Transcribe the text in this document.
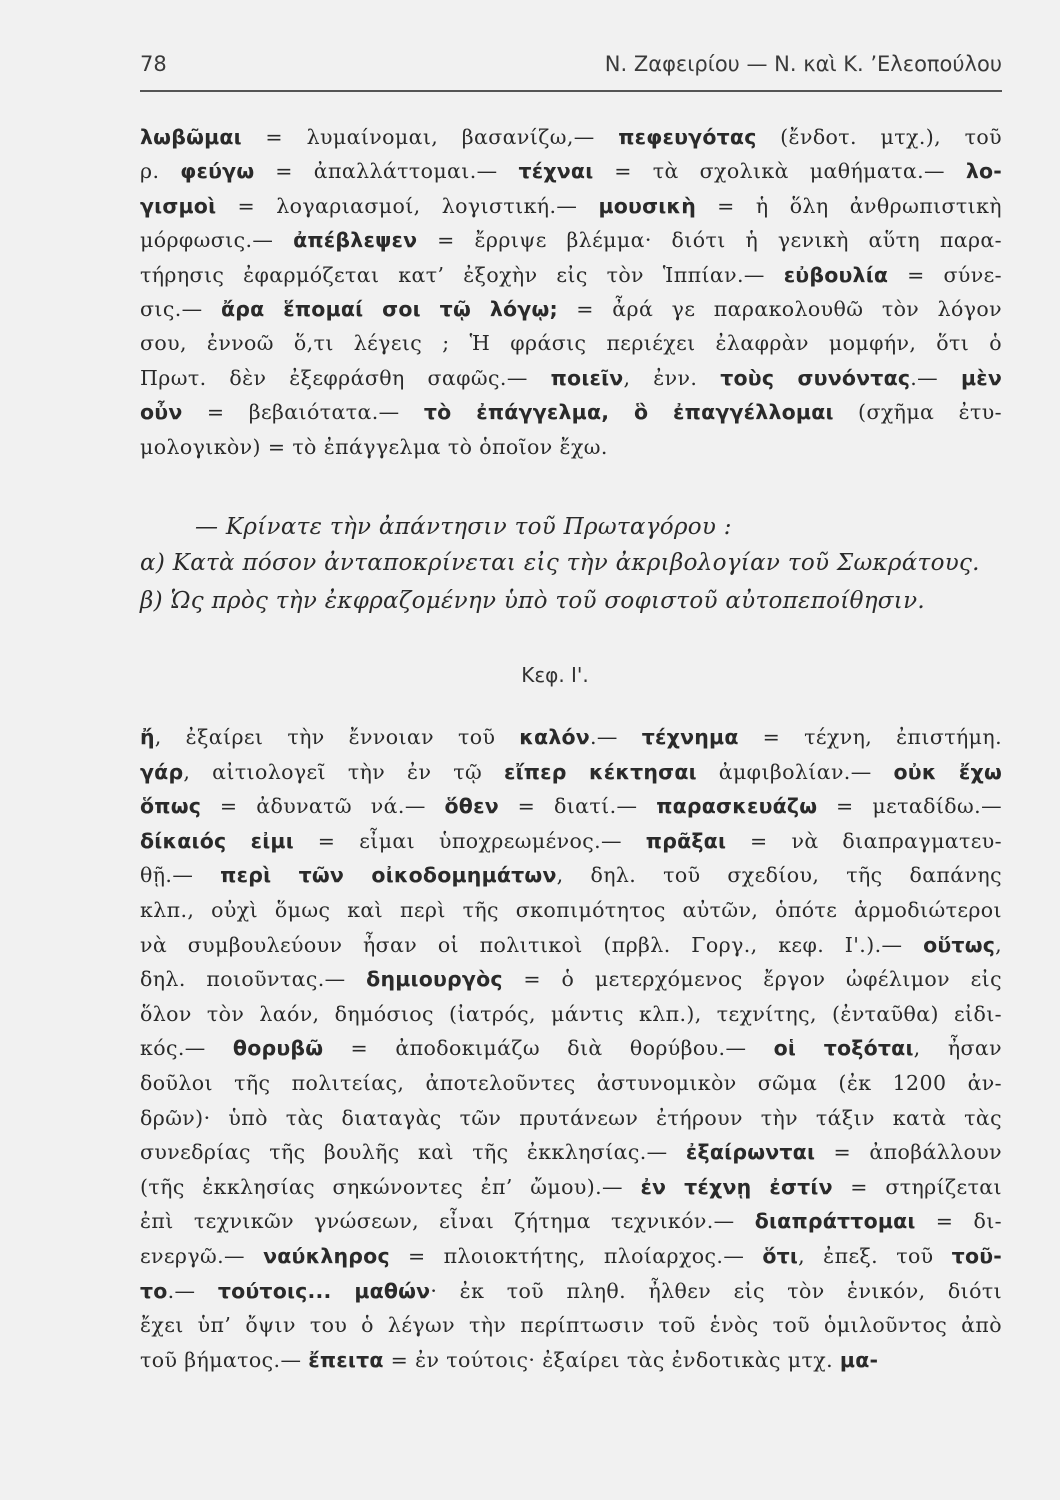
78	Ν. Ζαφειρίου — Ν. καὶ Κ. ’Ελεοπούλου
λωβῶμαι = λυμαίνομαι, βασανίζω,— πεφευγότας (ἔνδοτ. μτχ.), τοῦ
ρ. φεύγω = ἀπαλλάττομαι.— τέχναι = τὰ σχολικὰ μαθήματα.— λο-
γισμοὶ = λογαριασμοί, λογιστική.— μουσικὴ = ἡ ὅλη ἀνθρωπιστικὴ
μόρφωσις.— ἀπέβλεψεν = ἔρριψε βλέμμα· διότι ἡ γενικὴ αὕτη παρα-
τήρησις ἐφαρμόζεται κατ’ ἐξοχὴν εἰς τὸν Ἱππίαν.— εὐβουλία = σύνε-
σις.— ἄρα ἕπομαί σοι τῷ λόγῳ; = ἆρά γε παρακολουθῶ τὸν λόγον
σου, ἐννοῶ ὅ,τι λέγεις ; Ἡ φράσις περιέχει ἐλαφρὰν μομφήν, ὅτι ὁ
Πρωτ. δὲν ἐξεφράσθη σαφῶς.— ποιεῖν, ἐνν. τοὺς συνόντας.— μὲν
οὖν = βεβαιότατα.— τὸ ἐπάγγελμα, ὃ ἐπαγγέλλομαι (σχῆμα ἐτυ-
μολογικὸν) = τὸ ἐπάγγελμα τὸ ὁποῖον ἔχω.
— Κρίνατε τὴν ἀπάντησιν τοῦ Πρωταγόρου :
α) Κατὰ πόσον ἀνταποκρίνεται εἰς τὴν ἀκριβολογίαν τοῦ Σωκράτους.
β) Ὡς πρὸς τὴν ἐκφραζομένην ὑπὸ τοῦ σοφιστοῦ αὐτοπεποίθησιν.
Κεφ. Ι'.
ἤ, ἐξαίρει τὴν ἔννοιαν τοῦ καλόν.— τέχνημα = τέχνη, ἐπιστήμη.
γάρ, αἰτιολογεῖ τὴν ἐν τῷ εἴπερ κέκτησαι ἀμφιβολίαν.— οὐκ ἔχω
ὅπως = ἀδυνατῶ νά.— ὅθεν = διατί.— παρασκευάζω = μεταδίδω.—
δίκαιός εἰμι = εἶμαι ὑποχρεωμένος.— πρᾶξαι = νὰ διαπραγματευ-
θῇ.— περὶ τῶν οἰκοδομημάτων, δηλ. τοῦ σχεδίου, τῆς δαπάνης
κλπ., οὐχὶ ὅμως καὶ περὶ τῆς σκοπιμότητος αὐτῶν, ὁπότε ἁρμοδιώτεροι
νὰ συμβουλεύουν ἦσαν οἱ πολιτικοὶ (πρβλ. Γοργ., κεφ. Ι'.).— οὕτως,
δηλ. ποιοῦντας.— δημιουργὸς = ὁ μετερχόμενος ἔργον ὠφέλιμον εἰς
ὅλον τὸν λαόν, δημόσιος (ἰατρός, μάντις κλπ.), τεχνίτης, (ἐνταῦθα) εἰδι-
κός.— θορυβῶ = ἀποδοκιμάζω διὰ θορύβου.— οἱ τοξόται, ἦσαν
δοῦλοι τῆς πολιτείας, ἀποτελοῦντες ἀστυνομικὸν σῶμα (ἐκ 1200 ἀν-
δρῶν)· ὑπὸ τὰς διαταγὰς τῶν πρυτάνεων ἐτήρουν τὴν τάξιν κατὰ τὰς
συνεδρίας τῆς βουλῆς καὶ τῆς ἐκκλησίας.— ἐξαίρωνται = ἀποβάλλουν
(τῆς ἐκκλησίας σηκώνοντες ἐπ’ ὤμου).— ἐν τέχνῃ ἐστίν = στηρίζεται
ἐπὶ τεχνικῶν γνώσεων, εἶναι ζήτημα τεχνικόν.— διαπράττομαι = δι-
ενεργῶ.— ναύκληρος = πλοιοκτήτης, πλοίαρχος.— ὅτι, ἐπεξ. τοῦ τοῦ-
το.— τούτοις... μαθών· ἐκ τοῦ πληθ. ἦλθεν εἰς τὸν ἑνικόν, διότι
ἔχει ὑπ’ ὄψιν του ὁ λέγων τὴν περίπτωσιν τοῦ ἑνὸς τοῦ ὁμιλοῦντος ἀπὸ
τοῦ βήματος.— ἔπειτα = ἐν τούτοις· ἐξαίρει τὰς ἐνδοτικὰς μτχ. μα-
